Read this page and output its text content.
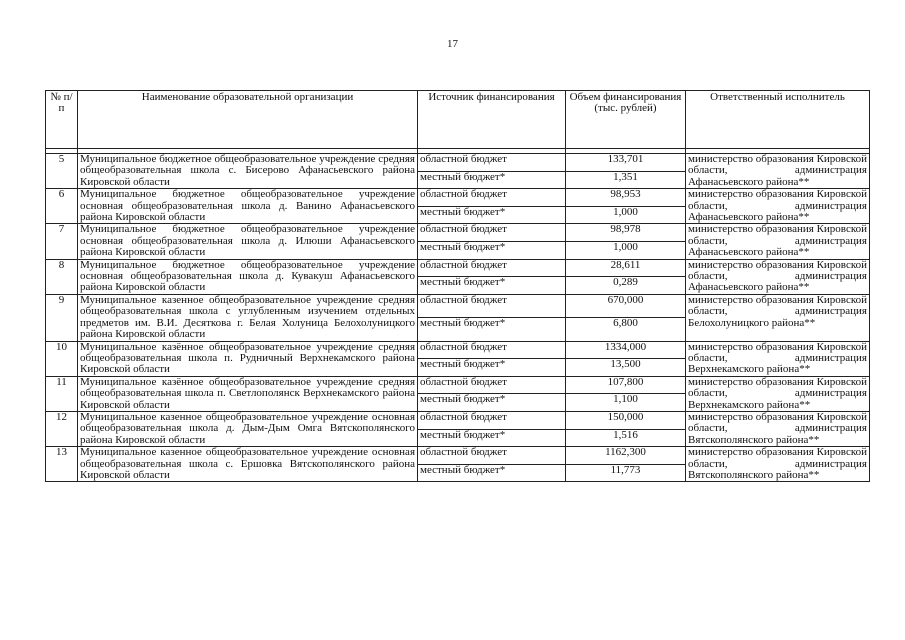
17
№ п/п	Наименование образовательной организации	Источник финансирования	Объем финансирования (тыс. рублей)	Ответственный исполнитель

5	Муниципальное бюджетное общеобразовательное учреждение средняя общеобразовательная школа с. Бисерово Афанасьевского района Кировской области	областной бюджет	133,701	министерство образования Кировской области, администрация Афанасьевского района**
		местный бюджет*	1,351	
6	Муниципальное бюджетное общеобразовательное учреждение основная общеобразовательная школа д. Ванино Афанасьевского района Кировской области	областной бюджет	98,953	министерство образования Кировской области, администрация Афанасьевского района**
		местный бюджет*	1,000	
7	Муниципальное бюджетное общеобразовательное учреждение основная общеобразовательная школа д. Илюши Афанасьевского района Кировской области	областной бюджет	98,978	министерство образования Кировской области, администрация Афанасьевского района**
		местный бюджет*	1,000	
8	Муниципальное бюджетное общеобразовательное учреждение основная общеобразовательная школа д. Кувакуш Афанасьевского района Кировской области	областной бюджет	28,611	министерство образования Кировской области, администрация Афанасьевского района**
		местный бюджет*	0,289	
9	Муниципальное казенное общеобразовательное учреждение средняя общеобразовательная школа с углубленным изучением отдельных предметов им. В.И. Десяткова г. Белая Холуница Белохолуницкого района Кировской области	областной бюджет	670,000	министерство образования Кировской области, администрация Белохолуницкого района**
		местный бюджет*	6,800	
10	Муниципальное казённое общеобразовательное учреждение средняя общеобразовательная школа п. Рудничный Верхнекамского района Кировской области	областной бюджет	1334,000	министерство образования Кировской области, администрация Верхнекамского района**
		местный бюджет*	13,500	
11	Муниципальное казённое общеобразовательное учреждение средняя общеобразовательная школа п. Светлополянск Верхнекамского района Кировской области	областной бюджет	107,800	министерство образования Кировской области, администрация Верхнекамского района**
		местный бюджет*	1,100	
12	Муниципальное казенное общеобразовательное учреждение основная общеобразовательная школа д. Дым-Дым Омга Вятскополянского района Кировской области	областной бюджет	150,000	министерство образования Кировской области, администрация Вятскополянского района**
		местный бюджет*	1,516	
13	Муниципальное казенное общеобразовательное учреждение основная общеобразовательная школа с. Ершовка Вятскополянского района Кировской области	областной бюджет	1162,300	министерство образования Кировской области, администрация Вятскополянского района**
		местный бюджет*	11,773	
